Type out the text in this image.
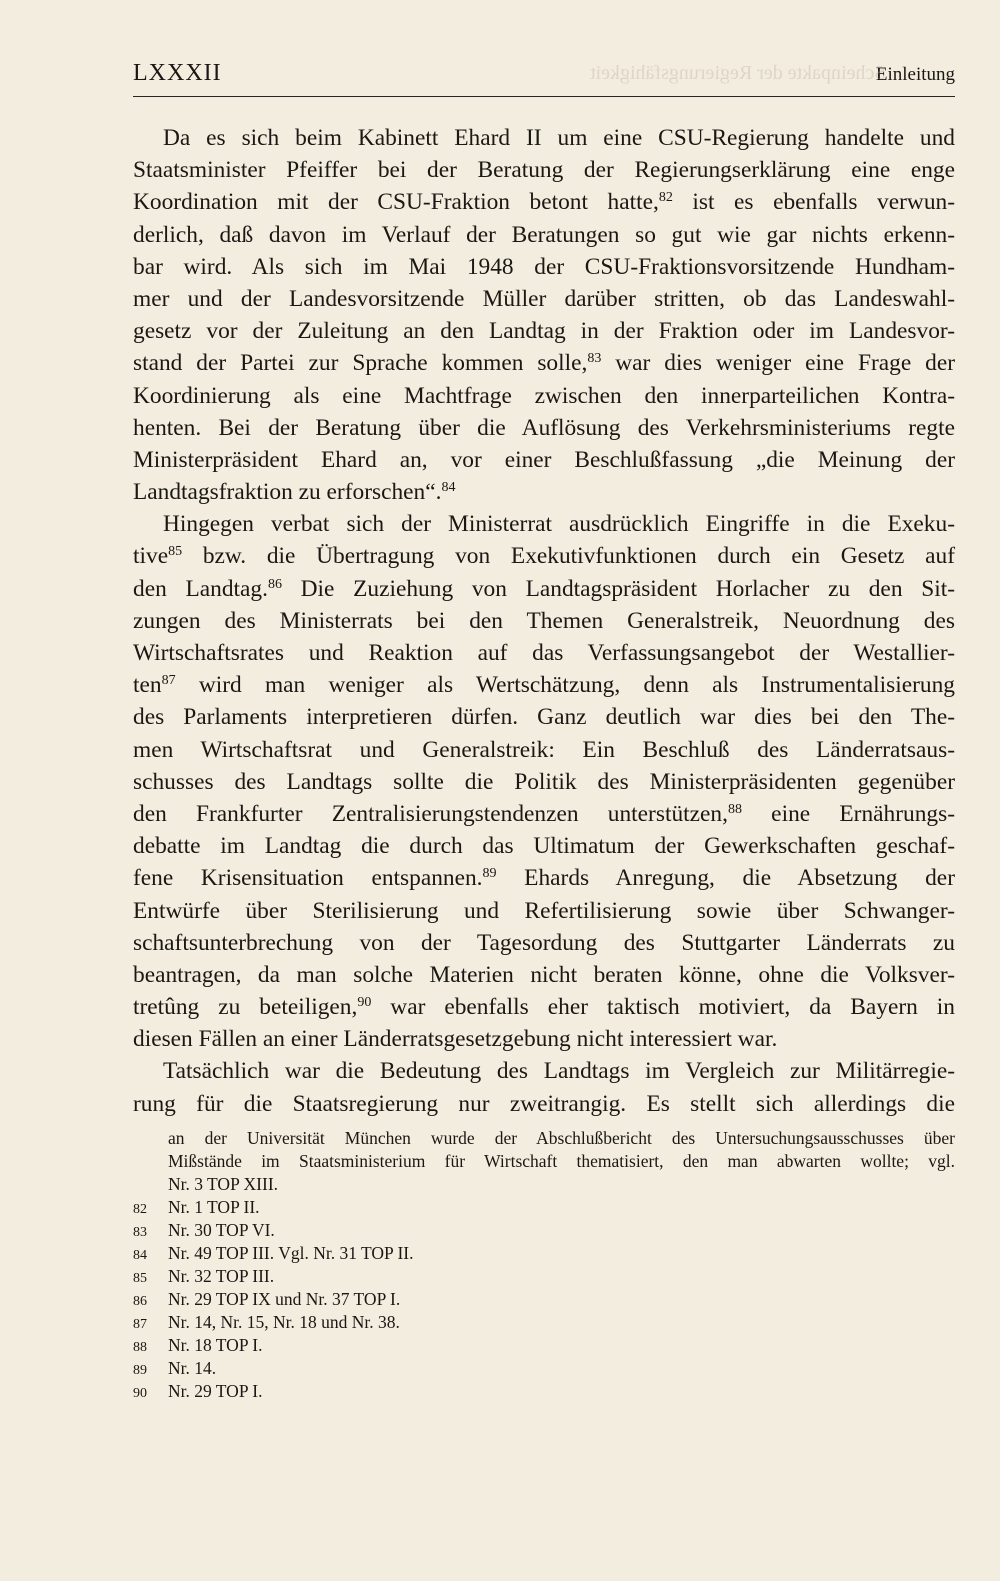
LXXXII	Einleitung
Scheinpakte der Regierungsfähigkeit
Da es sich beim Kabinett Ehard II um eine CSU-Regierung handelte und
Staatsminister Pfeiffer bei der Beratung der Regierungserklärung eine enge
Koordination mit der CSU-Fraktion betont hatte,$^{82}$ ist es ebenfalls verwun-
derlich, daß davon im Verlauf der Beratungen so gut wie gar nichts erkenn-
bar wird. Als sich im Mai 1948 der CSU-Fraktionsvorsitzende Hundham-
mer und der Landesvorsitzende Müller darüber stritten, ob das Landeswahl-
gesetz vor der Zuleitung an den Landtag in der Fraktion oder im Landesvor-
stand der Partei zur Sprache kommen solle,$^{83}$ war dies weniger eine Frage der
Koordinierung als eine Machtfrage zwischen den innerparteilichen Kontra-
henten. Bei der Beratung über die Auflösung des Verkehrsministeriums regte
Ministerpräsident Ehard an, vor einer Beschlußfassung „die Meinung der
Landtagsfraktion zu erforschen“.$^{84}$
Hingegen verbat sich der Ministerrat ausdrücklich Eingriffe in die Exeku-
tive$^{85}$ bzw. die Übertragung von Exekutivfunktionen durch ein Gesetz auf
den Landtag.$^{86}$ Die Zuziehung von Landtagspräsident Horlacher zu den Sit-
zungen des Ministerrats bei den Themen Generalstreik, Neuordnung des
Wirtschaftsrates und Reaktion auf das Verfassungsangebot der Westallier-
ten$^{87}$ wird man weniger als Wertschätzung, denn als Instrumentalisierung
des Parlaments interpretieren dürfen. Ganz deutlich war dies bei den The-
men Wirtschaftsrat und Generalstreik: Ein Beschluß des Länderratsaus-
schusses des Landtags sollte die Politik des Ministerpräsidenten gegenüber
den Frankfurter Zentralisierungstendenzen unterstützen,$^{88}$ eine Ernährungs-
debatte im Landtag die durch das Ultimatum der Gewerkschaften geschaf-
fene Krisensituation entspannen.$^{89}$ Ehards Anregung, die Absetzung der
Entwürfe über Sterilisierung und Refertilisierung sowie über Schwanger-
schaftsunterbrechung von der Tagesordung des Stuttgarter Länderrats zu
beantragen, da man solche Materien nicht beraten könne, ohne die Volksver-
tretûng zu beteiligen,$^{90}$ war ebenfalls eher taktisch motiviert, da Bayern in
diesen Fällen an einer Länderratsgesetzgebung nicht interessiert war.
Tatsächlich war die Bedeutung des Landtags im Vergleich zur Militärregie-
rung für die Staatsregierung nur zweitrangig. Es stellt sich allerdings die
an der Universität München wurde der Abschlußbericht des Untersuchungsausschusses über
Mißstände im Staatsministerium für Wirtschaft thematisiert, den man abwarten wollte; vgl.
Nr. 3 TOP XIII.
82 Nr. 1 TOP II.
83 Nr. 30 TOP VI.
84 Nr. 49 TOP III. Vgl. Nr. 31 TOP II.
85 Nr. 32 TOP III.
86 Nr. 29 TOP IX und Nr. 37 TOP I.
87 Nr. 14, Nr. 15, Nr. 18 und Nr. 38.
88 Nr. 18 TOP I.
89 Nr. 14.
90 Nr. 29 TOP I.
